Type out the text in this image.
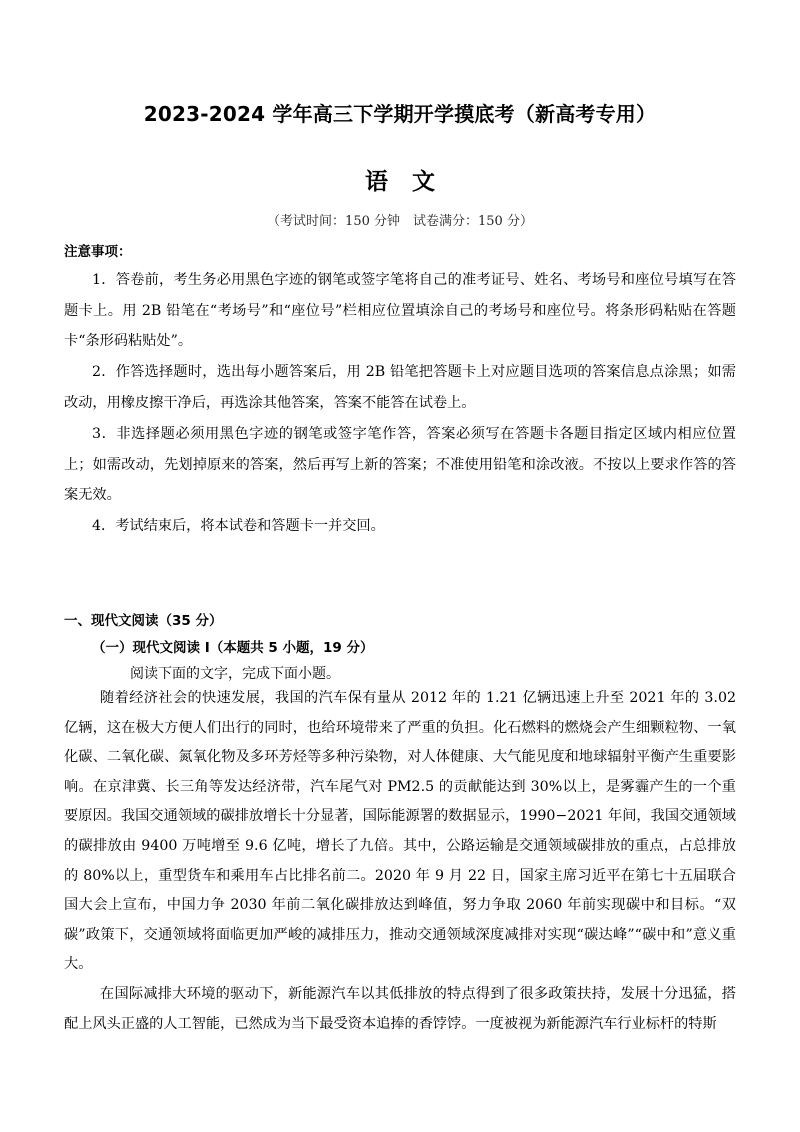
2023-2024 学年高三下学期开学摸底考（新高考专用）
语文
（考试时间：150 分钟　试卷满分：150 分）
注意事项：

1．答卷前，考生务必用黑色字迹的钢笔或签字笔将自己的准考证号、姓名、考场号和座位号填写在答题卡上。用 2B 铅笔在“考场号”和“座位号”栏相应位置填涂自己的考场号和座位号。将条形码粘贴在答题卡“条形码粘贴处”。

2．作答选择题时，选出每小题答案后，用 2B 铅笔把答题卡上对应题目选项的答案信息点涂黑；如需改动，用橡皮擦干净后，再选涂其他答案，答案不能答在试卷上。

3．非选择题必须用黑色字迹的钢笔或签字笔作答，答案必须写在答题卡各题目指定区域内相应位置上；如需改动，先划掉原来的答案，然后再写上新的答案；不准使用铅笔和涂改液。不按以上要求作答的答案无效。

4．考试结束后，将本试卷和答题卡一并交回。

一、现代文阅读（35 分）
（一）现代文阅读 I（本题共 5 小题，19 分）
阅读下面的文字，完成下面小题。

随着经济社会的快速发展，我国的汽车保有量从 2012 年的 1.21 亿辆迅速上升至 2021 年的 3.02 亿辆，这在极大方便人们出行的同时，也给环境带来了严重的负担。化石燃料的燃烧会产生细颗粒物、一氧化碳、二氧化碳、氮氧化物及多环芳烃等多种污染物，对人体健康、大气能见度和地球辐射平衡产生重要影响。在京津冀、长三角等发达经济带，汽车尾气对 PM2.5 的贡献能达到 30%以上，是雾霾产生的一个重要原因。我国交通领域的碳排放增长十分显著，国际能源署的数据显示，1990−2021 年间，我国交通领域的碳排放由 9400 万吨增至 9.6 亿吨，增长了九倍。其中，公路运输是交通领域碳排放的重点，占总排放的 80%以上，重型货车和乘用车占比排名前二。2020 年 9 月 22 日，国家主席习近平在第七十五届联合国大会上宣布，中国力争 2030 年前二氧化碳排放达到峰值，努力争取 2060 年前实现碳中和目标。“双碳”政策下，交通领域将面临更加严峻的减排压力，推动交通领域深度减排对实现“碳达峰”“碳中和”意义重大。

在国际减排大环境的驱动下，新能源汽车以其低排放的特点得到了很多政策扶持，发展十分迅猛，搭配上风头正盛的人工智能，已然成为当下最受资本追捧的香饽饽。一度被视为新能源汽车行业标杆的特斯
